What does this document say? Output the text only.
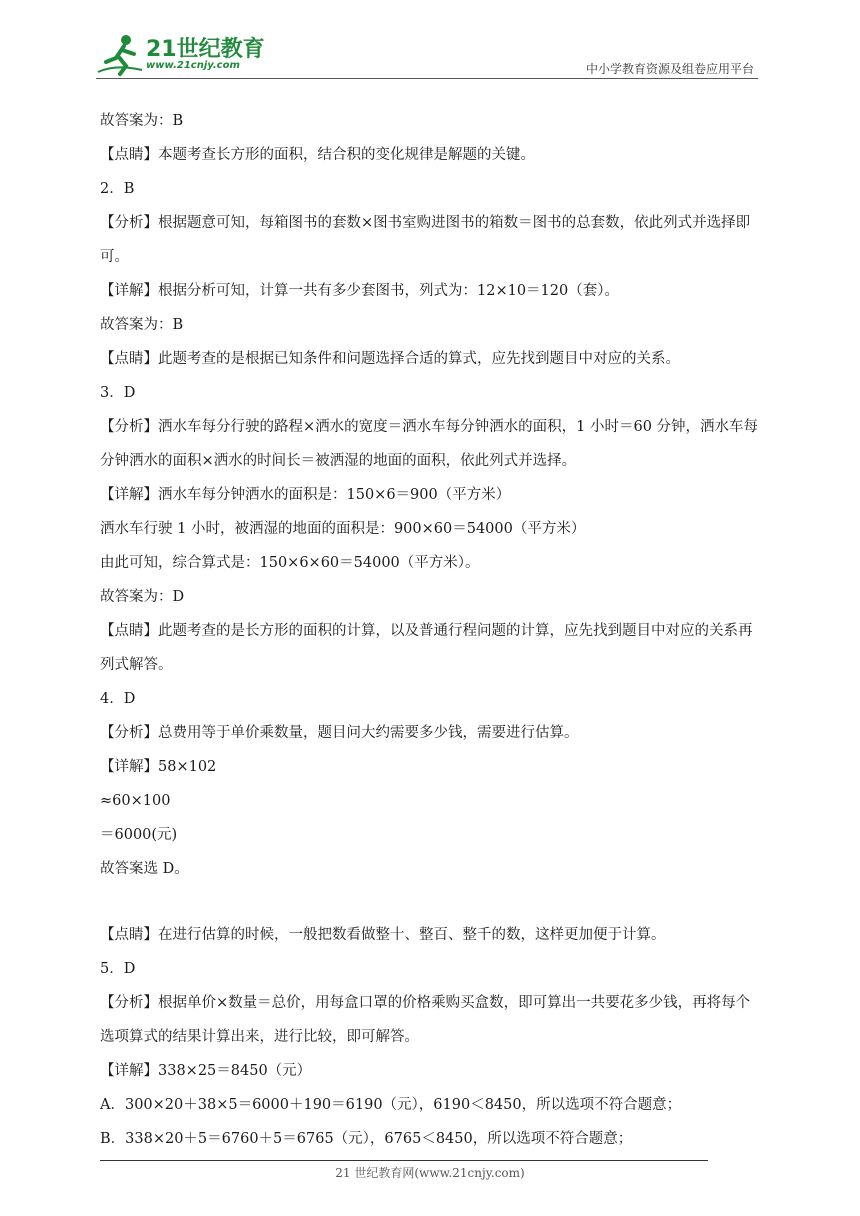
21世纪教育
www.21cnjy.com	中小学教育资源及组卷应用平台

故答案为：B

【点睛】本题考查长方形的面积，结合积的变化规律是解题的关键。

2．B

【分析】根据题意可知，每箱图书的套数×图书室购进图书的箱数＝图书的总套数，依此列式并选择即可。

【详解】根据分析可知，计算一共有多少套图书，列式为：12×10＝120（套）。

故答案为：B

【点睛】此题考查的是根据已知条件和问题选择合适的算式，应先找到题目中对应的关系。

3．D

【分析】洒水车每分行驶的路程×洒水的宽度＝洒水车每分钟洒水的面积，1 小时＝60 分钟，洒水车每分钟洒水的面积×洒水的时间长＝被洒湿的地面的面积，依此列式并选择。

【详解】洒水车每分钟洒水的面积是：150×6＝900（平方米）

洒水车行驶 1 小时，被洒湿的地面的面积是：900×60＝54000（平方米）

由此可知，综合算式是：150×6×60＝54000（平方米）。

故答案为：D

【点睛】此题考查的是长方形的面积的计算，以及普通行程问题的计算，应先找到题目中对应的关系再列式解答。

4．D

【分析】总费用等于单价乘数量，题目问大约需要多少钱，需要进行估算。

【详解】58×102

≈60×100

＝6000(元)

故答案选 D。

【点睛】在进行估算的时候，一般把数看做整十、整百、整千的数，这样更加便于计算。

5．D

【分析】根据单价×数量＝总价，用每盒口罩的价格乘购买盒数，即可算出一共要花多少钱，再将每个选项算式的结果计算出来，进行比较，即可解答。

【详解】338×25＝8450（元）

A．300×20＋38×5＝6000＋190＝6190（元），6190＜8450，所以选项不符合题意；

B．338×20＋5＝6760＋5＝6765（元），6765＜8450，所以选项不符合题意；

21 世纪教育网(www.21cnjy.com)
